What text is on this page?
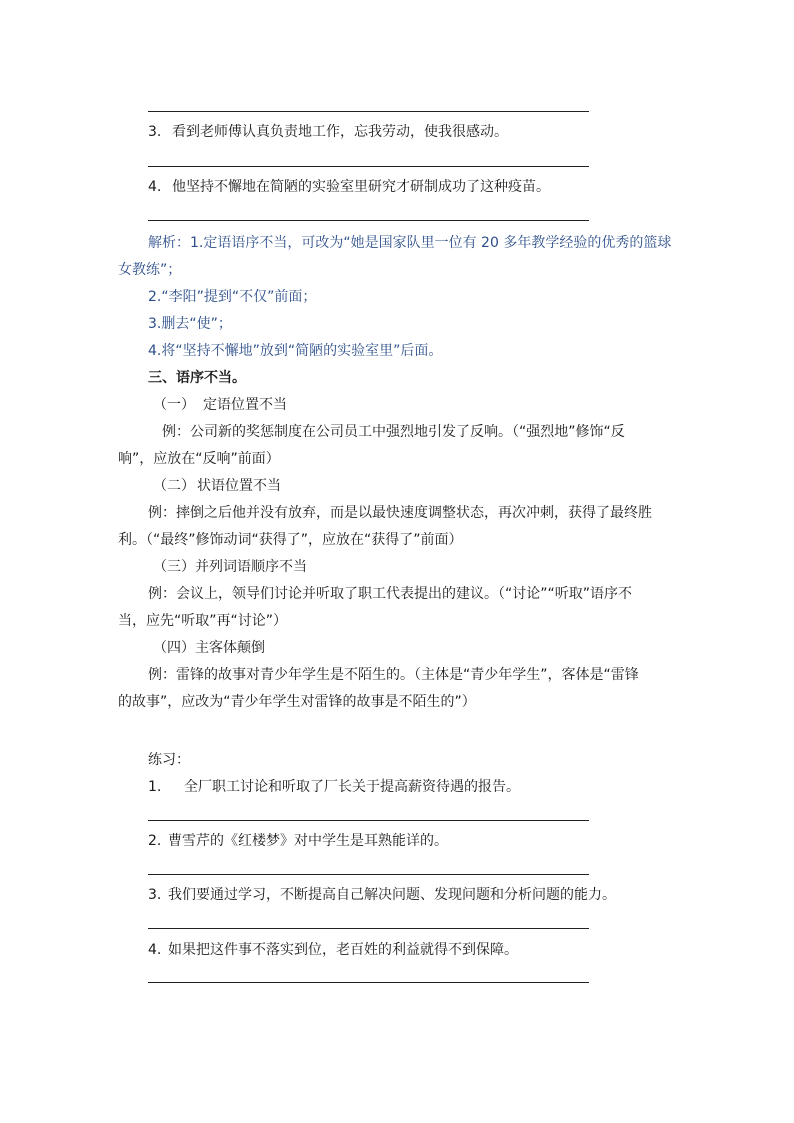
3. 看到老师傅认真负责地工作，忘我劳动，使我很感动。
4. 他坚持不懈地在简陋的实验室里研究才研制成功了这种疫苗。
解析：1.定语语序不当，可改为“她是国家队里一位有 20 多年教学经验的优秀的篮球
女教练”；
2.“李阳”提到“不仅”前面；
3.删去“使”；
4.将“坚持不懈地”放到“简陋的实验室里”后面。
三、语序不当。
（一） 定语位置不当
例：公司新的奖惩制度在公司员工中强烈地引发了反响。（“强烈地”修饰“反
响”，应放在“反响”前面）
（二） 状语位置不当
例：摔倒之后他并没有放弃，而是以最快速度调整状态，再次冲刺，获得了最终胜
利。（“最终”修饰动词“获得了”，应放在“获得了”前面）
（三）并列词语顺序不当
例：会议上，领导们讨论并听取了职工代表提出的建议。（“讨论”“听取”语序不
当，应先“听取”再“讨论”）
（四）主客体颠倒
例：雷锋的故事对青少年学生是不陌生的。（主体是“青少年学生”，客体是“雷锋
的故事”，应改为“青少年学生对雷锋的故事是不陌生的”）
练习：
1. 全厂职工讨论和听取了厂长关于提高薪资待遇的报告。
2. 曹雪芹的《红楼梦》对中学生是耳熟能详的。
3. 我们要通过学习，不断提高自己解决问题、发现问题和分析问题的能力。
4. 如果把这件事不落实到位，老百姓的利益就得不到保障。
